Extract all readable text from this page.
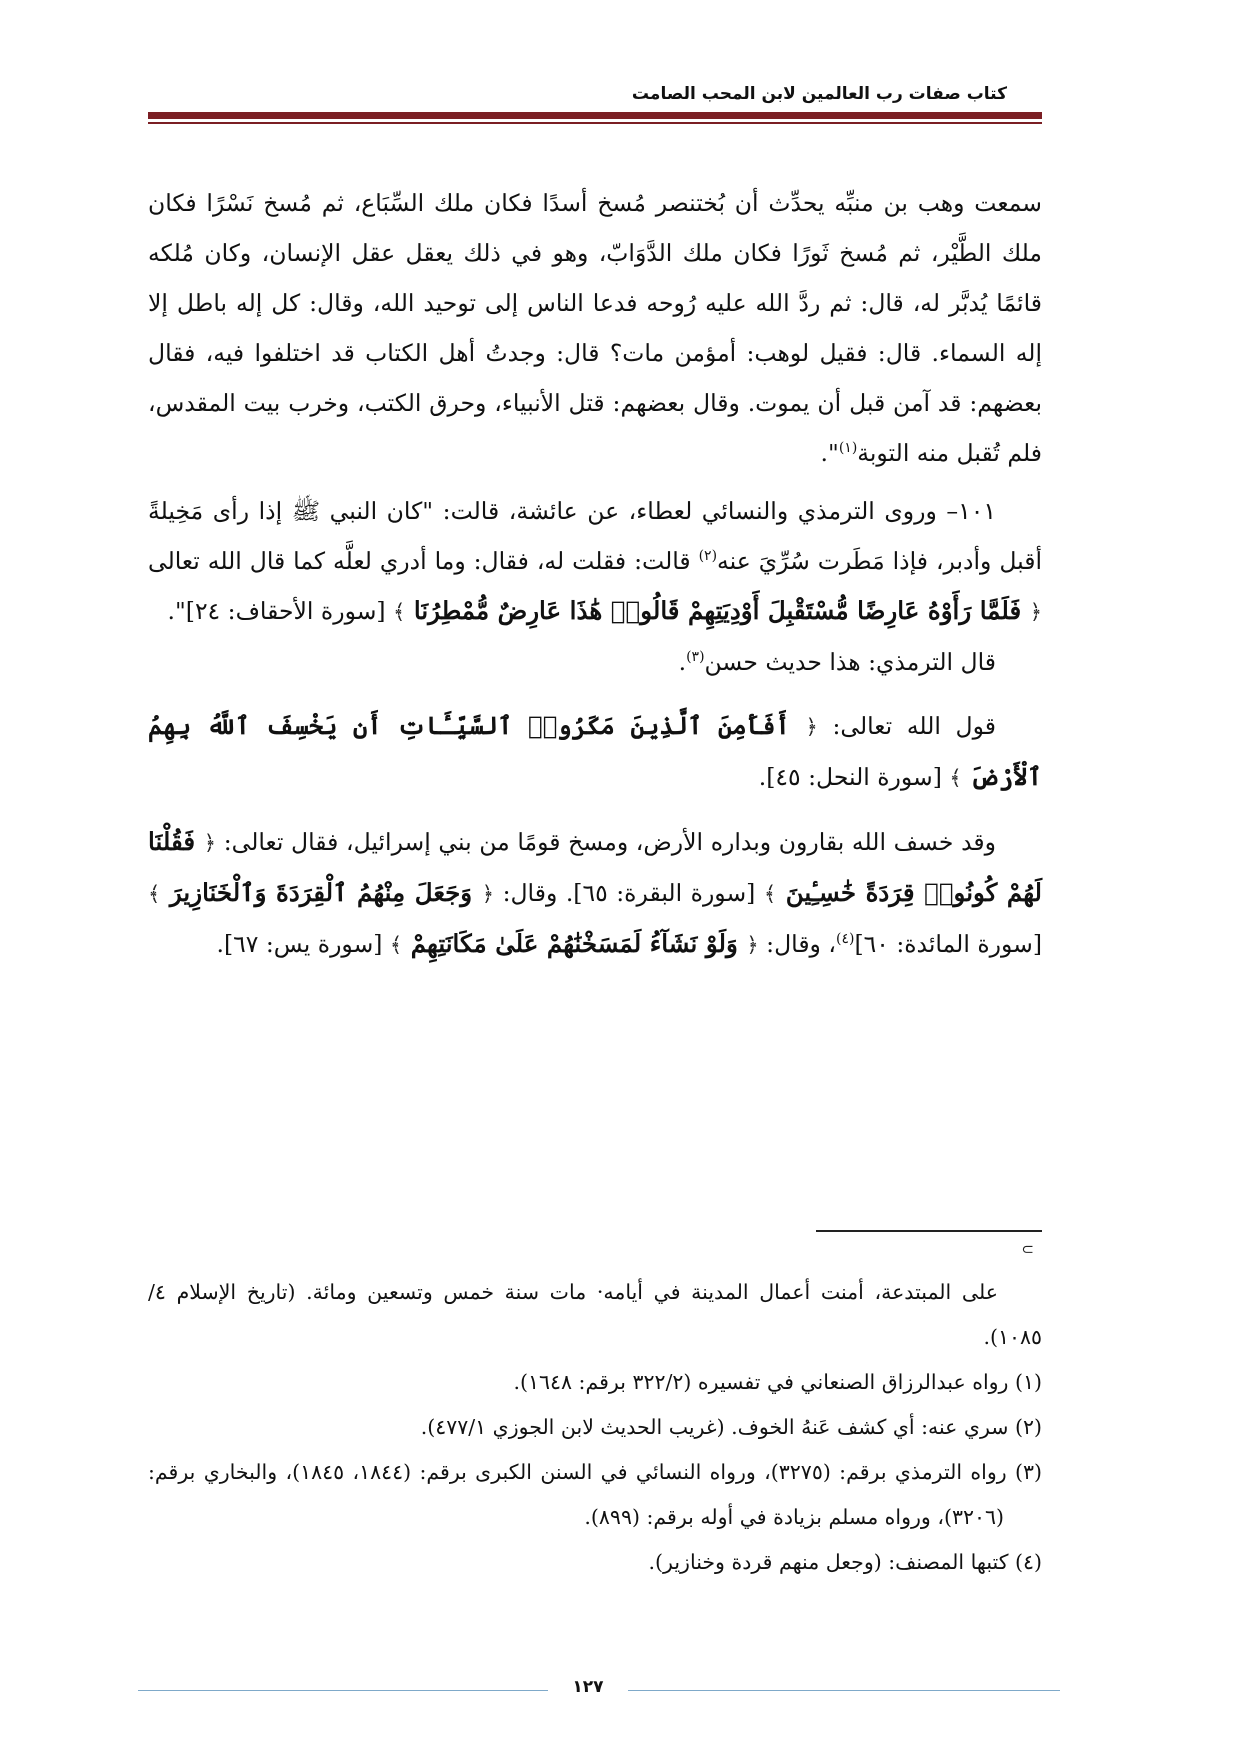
كتاب صفات رب العالمين لابن المحب الصامت

سمعت وهب بن منبِّه يحدِّث أن بُختنصر مُسخ أسدًا فكان ملك السِّبَاع، ثم مُسخ نَسْرًا فكان ملك الطَّيْر، ثم مُسخ ثَورًا فكان ملك الدَّوَابّ، وهو في ذلك يعقل عقل الإنسان، وكان مُلكه قائمًا يُدبَّر له، قال: ثم ردَّ الله عليه رُوحه فدعا الناس إلى توحيد الله، وقال: كل إله باطل إلا إله السماء. قال: فقيل لوهب: أمؤمن مات؟ قال: وجدتُ أهل الكتاب قد اختلفوا فيه، فقال بعضهم: قد آمن قبل أن يموت. وقال بعضهم: قتل الأنبياء، وحرق الكتب، وخرب بيت المقدس، فلم تُقبل منه التوبة$^{(١)}$".

١٠١– وروى الترمذي والنسائي لعطاء، عن عائشة، قالت: "كان النبي ﷺ إذا رأى مَخِيلةً أقبل وأدبر، فإذا مَطَرت سُرِّيَ عنه$^{(٢)}$ قالت: فقلت له، فقال: وما أدري لعلَّه كما قال الله تعالى ﴿ فَلَمَّا رَأَوْهُ عَارِضًا مُّسْتَقْبِلَ أَوْدِيَتِهِمْ قَالُوا۟ هَٰذَا عَارِضٌ مُّمْطِرُنَا ﴾ [سورة الأحقاف: ٢٤]".

قال الترمذي: هذا حديث حسن$^{(٣)}$.

قول الله تعالى: ﴿ أَفَأَمِنَ ٱلَّذِينَ مَكَرُوا۟ ٱلسَّيِّـَٔاتِ أَن يَخْسِفَ ٱللَّهُ بِهِمُ ٱلْأَرْضَ ﴾ [سورة النحل: ٤٥].

وقد خسف الله بقارون وبداره الأرض، ومسخ قومًا من بني إسرائيل، فقال تعالى: ﴿ فَقُلْنَا لَهُمْ كُونُوا۟ قِرَدَةً خَٰسِـِٔينَ ﴾ [سورة البقرة: ٦٥]. وقال: ﴿ وَجَعَلَ مِنْهُمُ ٱلْقِرَدَةَ وَٱلْخَنَازِيرَ ﴾ [سورة المائدة: ٦٠]$^{(٤)}$، وقال: ﴿ وَلَوْ نَشَآءُ لَمَسَخْنَٰهُمْ عَلَىٰ مَكَانَتِهِمْ ﴾ [سورة يس: ٦٧].

⊃

على المبتدعة، أمنت أعمال المدينة في أيامه· مات سنة خمس وتسعين ومائة. (تاريخ الإسلام ٤/ ١٠٨٥).

(١) رواه عبدالرزاق الصنعاني في تفسيره (٣٢٢/٢ برقم: ١٦٤٨).

(٢) سري عنه: أي كشف عَنهُ الخوف. (غريب الحديث لابن الجوزي ٤٧٧/١).

(٣) رواه الترمذي برقم: (٣٢٧٥)، ورواه النسائي في السنن الكبرى برقم: (١٨٤٤، ١٨٤٥)، والبخاري برقم: (٣٢٠٦)، ورواه مسلم بزيادة في أوله برقم: (٨٩٩).

(٤) كتبها المصنف: (وجعل منهم قردة وخنازير).

١٢٧
